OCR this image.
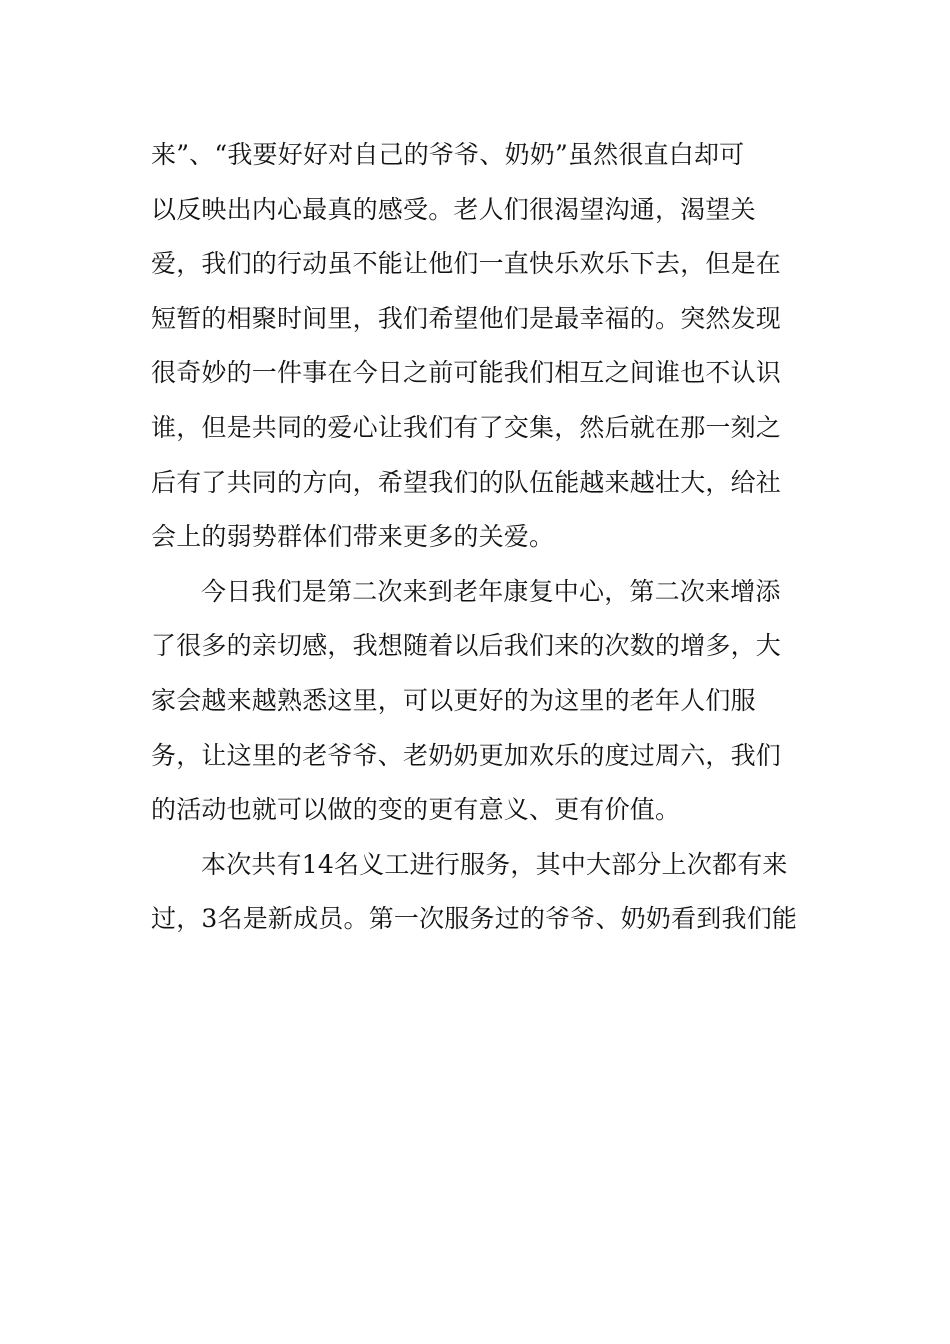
来”、“我要好好对自己的爷爷、奶奶”虽然很直白却可
以反映出内心最真的感受。老人们很渴望沟通，渴望关
爱，我们的行动虽不能让他们一直快乐欢乐下去，但是在
短暂的相聚时间里，我们希望他们是最幸福的。突然发现
很奇妙的一件事在今日之前可能我们相互之间谁也不认识
谁，但是共同的爱心让我们有了交集，然后就在那一刻之
后有了共同的方向，希望我们的队伍能越来越壮大，给社
会上的弱势群体们带来更多的关爱。
今日我们是第二次来到老年康复中心，第二次来增添
了很多的亲切感，我想随着以后我们来的次数的增多，大
家会越来越熟悉这里，可以更好的为这里的老年人们服
务，让这里的老爷爷、老奶奶更加欢乐的度过周六，我们
的活动也就可以做的变的更有意义、更有价值。
本次共有14名义工进行服务，其中大部分上次都有来
过，3名是新成员。第一次服务过的爷爷、奶奶看到我们能
